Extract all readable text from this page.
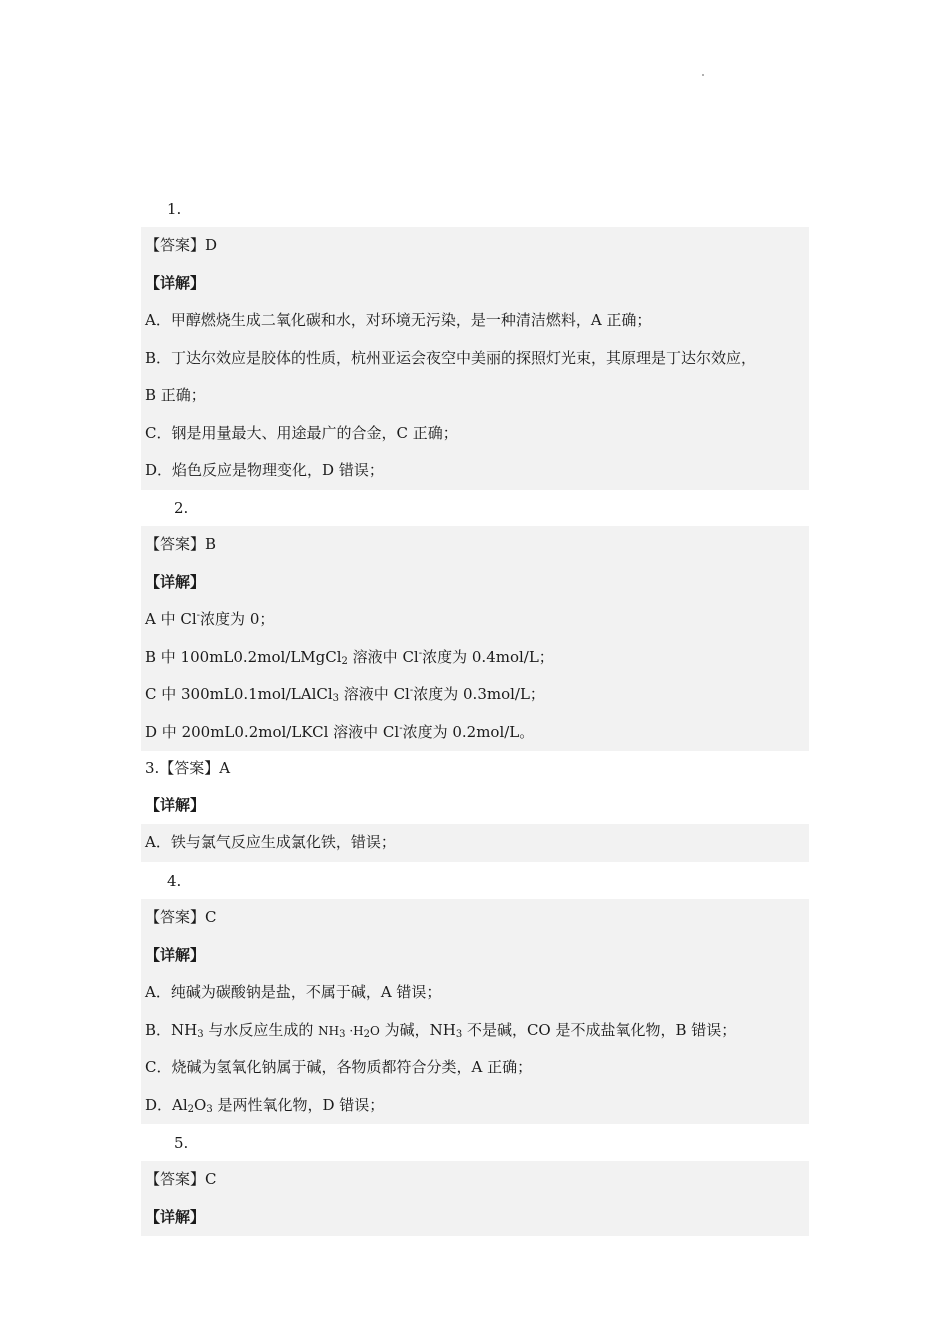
1.
【答案】D
【详解】
A．甲醇燃烧生成二氧化碳和水，对环境无污染，是一种清洁燃料，A 正确；
B．丁达尔效应是胶体的性质，杭州亚运会夜空中美丽的探照灯光束，其原理是丁达尔效应，
B 正确；
C．钢是用量最大、用途最广的合金，C 正确；
D．焰色反应是物理变化，D 错误；
2.
【答案】B
【详解】
A 中 Cl-浓度为 0；
B 中 100mL0.2mol/LMgCl$_2$ 溶液中 Cl-浓度为 0.4mol/L；
C 中 300mL0.1mol/LAlCl$_3$ 溶液中 Cl-浓度为 0.3mol/L；
D 中 200mL0.2mol/LKCl 溶液中 Cl-浓度为 0.2mol/L。
3.【答案】A
【详解】
A．铁与氯气反应生成氯化铁，错误；
4.
【答案】C
【详解】
A．纯碱为碳酸钠是盐，不属于碱，A 错误；
B．$NH_3$ 与水反应生成的 $NH_3 \cdot H_2O$ 为碱，$NH_3$ 不是碱，CO 是不成盐氧化物，B 错误；
C．烧碱为氢氧化钠属于碱，各物质都符合分类，A 正确；
D．$Al_2O_3$ 是两性氧化物，D 错误；
5.
【答案】C
【详解】
